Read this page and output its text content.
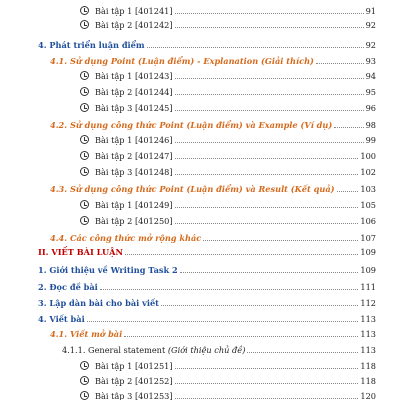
Bài tập 1 [401241]	91
Bài tập 2 [401242]	92
4. Phát triển luận điểm	92
4.1. Sử dụng Point (Luận điểm) - Explanation (Giải thích)	93
Bài tập 1 [401243]	94
Bài tập 2 [401244]	95
Bài tập 3 [401245]	96
4.2. Sử dụng công thức Point (Luận điểm) và Example (Ví dụ)	98
Bài tập 1 [401246]	99
Bài tập 2 [401247]	100
Bài tập 3 [401248]	102
4.3. Sử dụng công thức Point (Luận điểm) và Result (Kết quả)	103
Bài tập 1 [401249]	105
Bài tập 2 [401250]	106
4.4. Các công thức mở rộng khác	107
II. VIẾT BÀI LUẬN	109
1. Giới thiệu về Writing Task 2	109
2. Đọc đề bài	111
3. Lập dàn bài cho bài viết	112
4. Viết bài	113
4.1. Viết mở bài	113
4.1.1. General statement (Giới thiệu chủ đề)	113
Bài tập 1 [401251]	118
Bài tập 2 [401252]	118
Bài tập 3 [401253]	120
